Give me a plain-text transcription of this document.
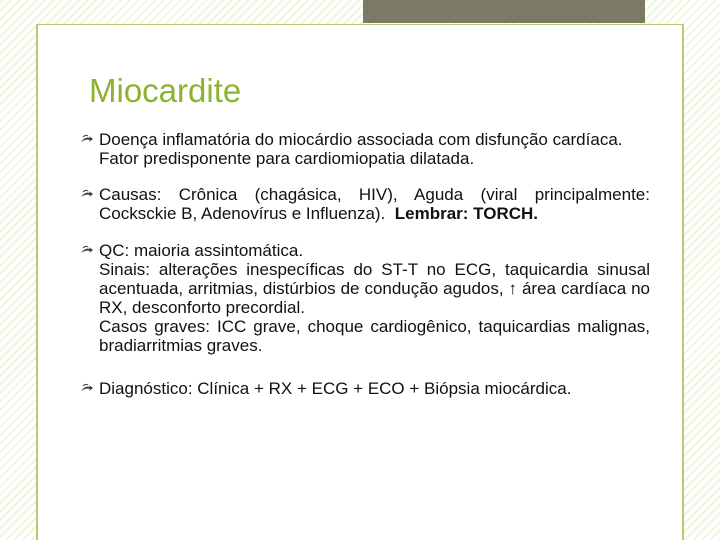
Miocardite
Doença inflamatória do miocárdio associada com disfunção cardíaca.
Fator predisponente para cardiomiopatia dilatada.
Causas: Crônica (chagásica, HIV), Aguda (viral principalmente: Cocksckie B, Adenovírus e Influenza). Lembrar: TORCH.
QC: maioria assintomática.
Sinais: alterações inespecíficas do ST-T no ECG, taquicardia sinusal acentuada, arritmias, distúrbios de condução agudos, ↑ área cardíaca no RX, desconforto precordial.
Casos graves: ICC grave, choque cardiogênico, taquicardias malignas, bradiarritmias graves.
Diagnóstico: Clínica + RX + ECG + ECO + Biópsia miocárdica.
